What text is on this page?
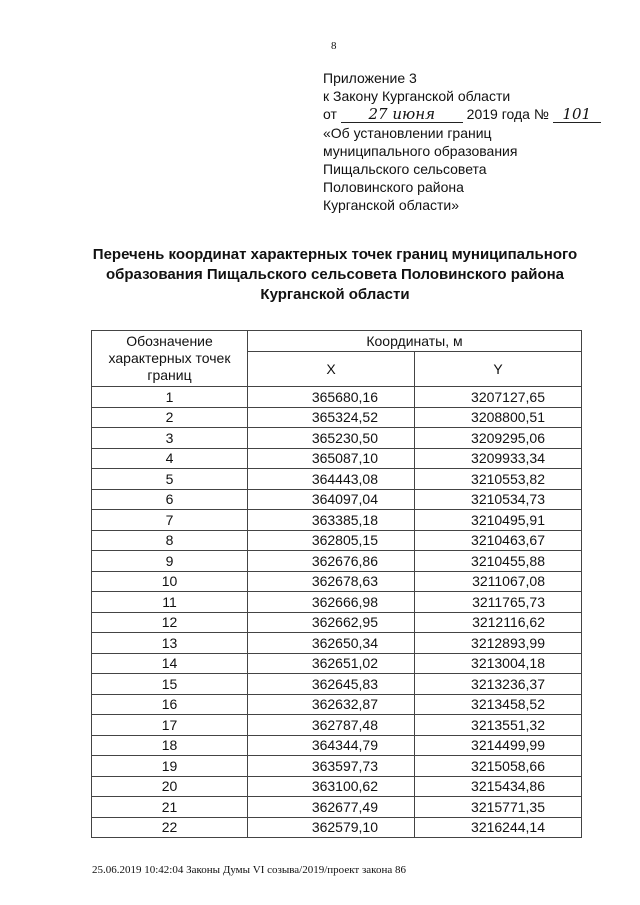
8
Приложение 3
к Закону Курганской области
от 27 июня 2019 года № 101
«Об установлении границ
муниципального образования
Пищальского сельсовета
Половинского района
Курганской области»
Перечень координат характерных точек границ муниципального образования Пищальского сельсовета Половинского района Курганской области
Обозначение характерных точек границ	Координаты, м	
	X	Y
1	365680,16	3207127,65
2	365324,52	3208800,51
3	365230,50	3209295,06
4	365087,10	3209933,34
5	364443,08	3210553,82
6	364097,04	3210534,73
7	363385,18	3210495,91
8	362805,15	3210463,67
9	362676,86	3210455,88
10	362678,63	3211067,08
11	362666,98	3211765,73
12	362662,95	3212116,62
13	362650,34	3212893,99
14	362651,02	3213004,18
15	362645,83	3213236,37
16	362632,87	3213458,52
17	362787,48	3213551,32
18	364344,79	3214499,99
19	363597,73	3215058,66
20	363100,62	3215434,86
21	362677,49	3215771,35
22	362579,10	3216244,14
25.06.2019 10:42:04 Законы Думы VI созыва/2019/проект закона 86
